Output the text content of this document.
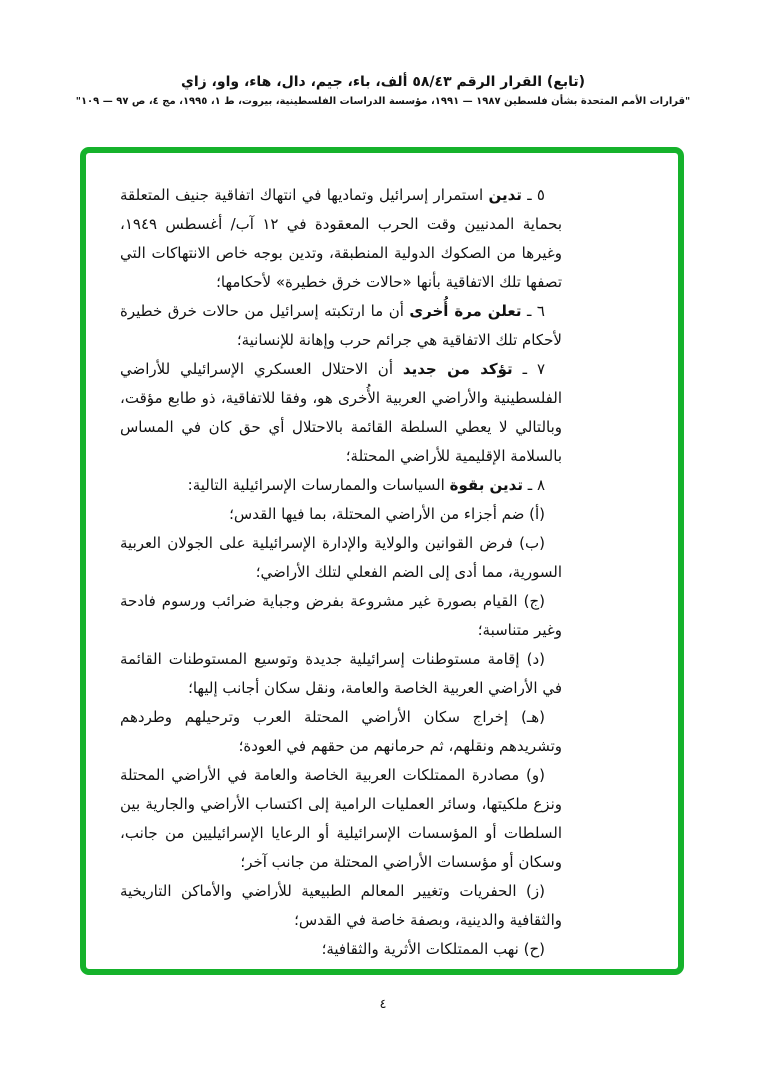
(تابع) القرار الرقم ٥٨/٤٣ ألف، باء، جيم، دال، هاء، واو، زاي

"قرارات الأمم المتحدة بشأن فلسطين ١٩٨٧ — ١٩٩١، مؤسسة الدراسات الفلسطينية، بيروت، ط ١، ١٩٩٥، مج ٤، ص ٩٧ — ١٠٩"

٥ ـ تدين استمرار إسرائيل وتماديها في انتهاك اتفاقية جنيف المتعلقة بحماية المدنيين وقت الحرب المعقودة في ١٢ آب/ أغسطس ١٩٤٩، وغيرها من الصكوك الدولية المنطبقة، وتدين بوجه خاص الانتهاكات التي تصفها تلك الاتفاقية بأنها «حالات خرق خطيرة» لأحكامها؛

٦ ـ تعلن مرة أُخرى أن ما ارتكبته إسرائيل من حالات خرق خطيرة لأحكام تلك الاتفاقية هي جرائم حرب وإهانة للإنسانية؛

٧ ـ تؤكد من جديد أن الاحتلال العسكري الإسرائيلي للأراضي الفلسطينية والأراضي العربية الأُخرى هو، وفقا للاتفاقية، ذو طابع مؤقت، وبالتالي لا يعطي السلطة القائمة بالاحتلال أي حق كان في المساس بالسلامة الإقليمية للأراضي المحتلة؛

٨ ـ تدين بقوة السياسات والممارسات الإسرائيلية التالية:

(أ) ضم أجزاء من الأراضي المحتلة، بما فيها القدس؛

(ب) فرض القوانين والولاية والإدارة الإسرائيلية على الجولان العربية السورية، مما أدى إلى الضم الفعلي لتلك الأراضي؛

(ج) القيام بصورة غير مشروعة بفرض وجباية ضرائب ورسوم فادحة وغير متناسبة؛

(د) إقامة مستوطنات إسرائيلية جديدة وتوسيع المستوطنات القائمة في الأراضي العربية الخاصة والعامة، ونقل سكان أجانب إليها؛

(هـ) إخراج سكان الأراضي المحتلة العرب وترحيلهم وطردهم وتشريدهم ونقلهم، ثم حرمانهم من حقهم في العودة؛

(و) مصادرة الممتلكات العربية الخاصة والعامة في الأراضي المحتلة ونزع ملكيتها، وسائر العمليات الرامية إلى اكتساب الأراضي والجارية بين السلطات أو المؤسسات الإسرائيلية أو الرعايا الإسرائيليين من جانب، وسكان أو مؤسسات الأراضي المحتلة من جانب آخر؛

(ز) الحفريات وتغيير المعالم الطبيعية للأراضي والأماكن التاريخية والثقافية والدينية، وبصفة خاصة في القدس؛

(ح) نهب الممتلكات الأثرية والثقافية؛

٤
